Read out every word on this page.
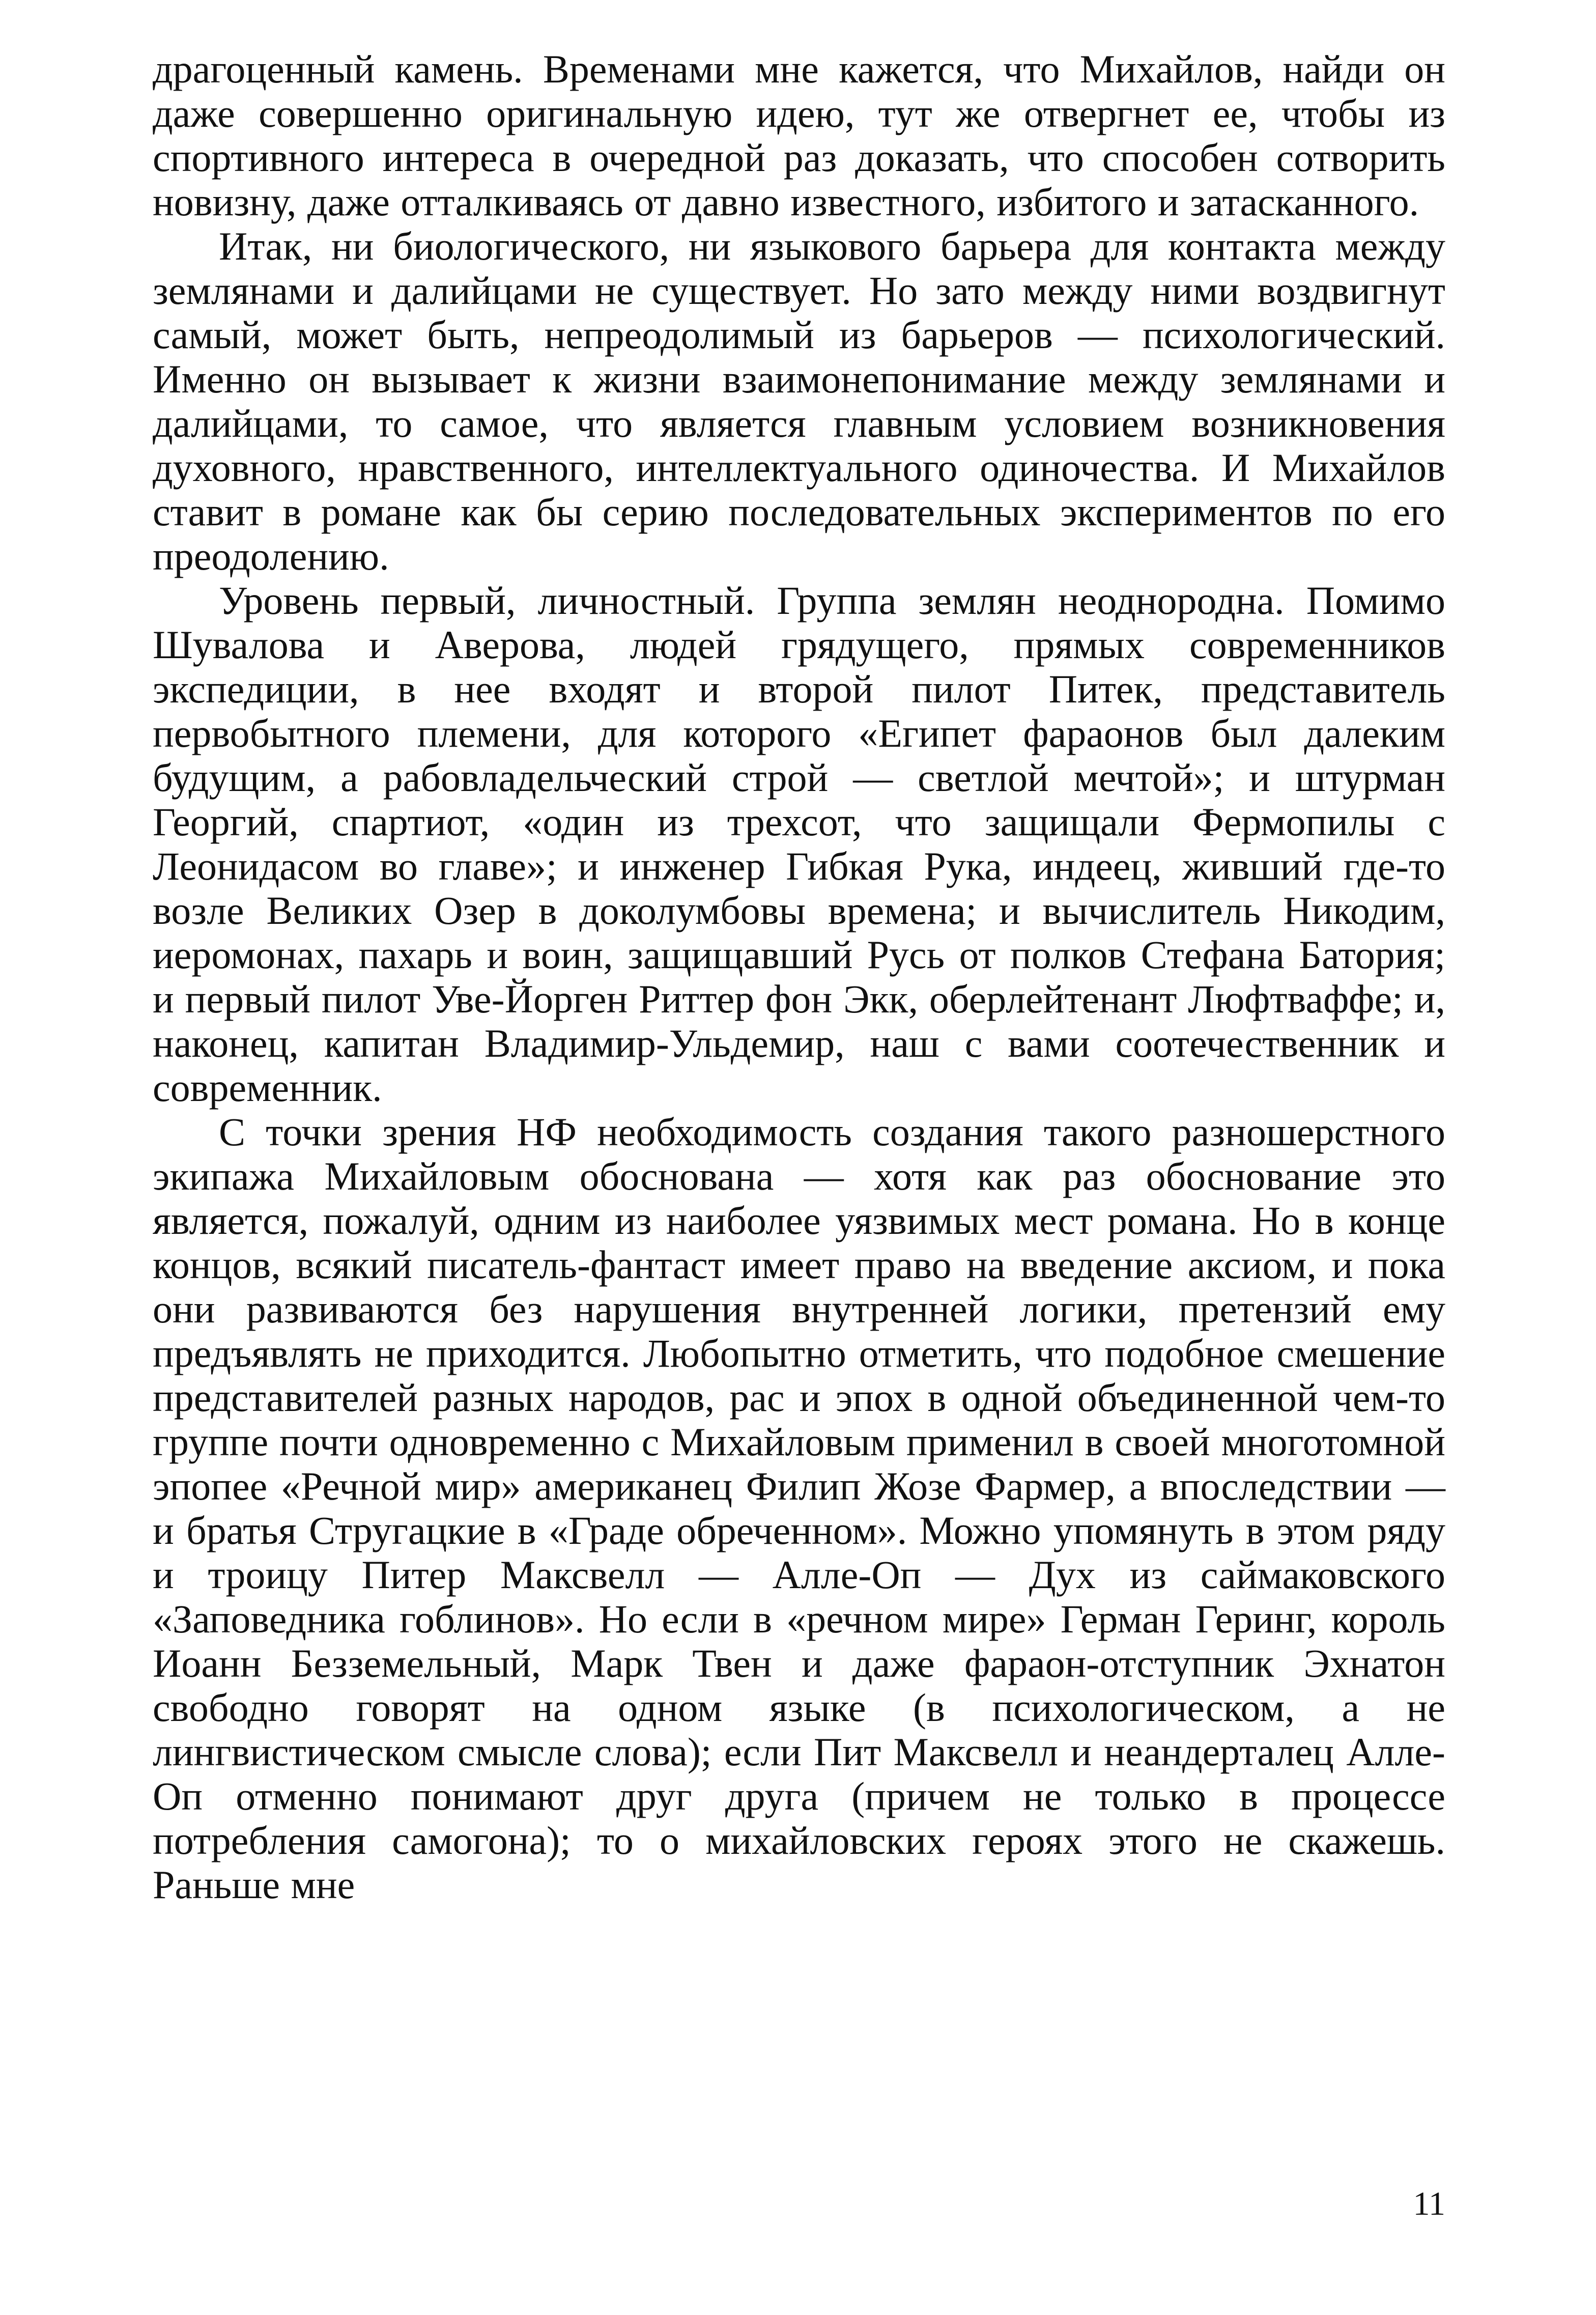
драгоценный камень. Временами мне кажется, что Михайлов, найди он даже совершенно оригинальную идею, тут же отвергнет ее, чтобы из спортивного интереса в очередной раз доказать, что способен сотворить новизну, даже отталкиваясь от давно известного, избитого и затасканного.

Итак, ни биологического, ни языкового барьера для контакта между землянами и далийцами не существует. Но зато между ними воздвигнут самый, может быть, непреодолимый из барьеров — психологический. Именно он вызывает к жизни взаимонепонимание между землянами и далийцами, то самое, что является главным условием возникновения духовного, нравственного, интеллектуального одиночества. И Михайлов ставит в романе как бы серию последовательных экспериментов по его преодолению.

Уровень первый, личностный. Группа землян неоднородна. Помимо Шувалова и Аверова, людей грядущего, прямых современников экспедиции, в нее входят и второй пилот Питек, представитель первобытного племени, для которого «Египет фараонов был далеким будущим, а рабовладельческий строй — светлой мечтой»; и штурман Георгий, спартиот, «один из трехсот, что защищали Фермопилы с Леонидасом во главе»; и инженер Гибкая Рука, индеец, живший где-то возле Великих Озер в доколумбовы времена; и вычислитель Никодим, иеромонах, пахарь и воин, защищавший Русь от полков Стефана Батория; и первый пилот Уве-Йорген Риттер фон Экк, оберлейтенант Люфтваффе; и, наконец, капитан Владимир-Ульдемир, наш с вами соотечественник и современник.

С точки зрения НФ необходимость создания такого разношерстного экипажа Михайловым обоснована — хотя как раз обоснование это является, пожалуй, одним из наиболее уязвимых мест романа. Но в конце концов, всякий писатель-фантаст имеет право на введение аксиом, и пока они развиваются без нарушения внутренней логики, претензий ему предъявлять не приходится. Любопытно отметить, что подобное смешение представителей разных народов, рас и эпох в одной объединенной чем-то группе почти одновременно с Михайловым применил в своей многотомной эпопее «Речной мир» американец Филип Жозе Фармер, а впоследствии — и братья Стругацкие в «Граде обреченном». Можно упомянуть в этом ряду и троицу Питер Максвелл — Алле-Оп — Дух из саймаковского «Заповедника гоблинов». Но если в «речном мире» Герман Геринг, король Иоанн Безземельный, Марк Твен и даже фараон-отступник Эхнатон свободно говорят на одном языке (в психологическом, а не лингвистическом смысле слова); если Пит Максвелл и неандерталец Алле-Оп отменно понимают друг друга (причем не только в процессе потребления самогона); то о михайловских героях этого не скажешь. Раньше мне

11
